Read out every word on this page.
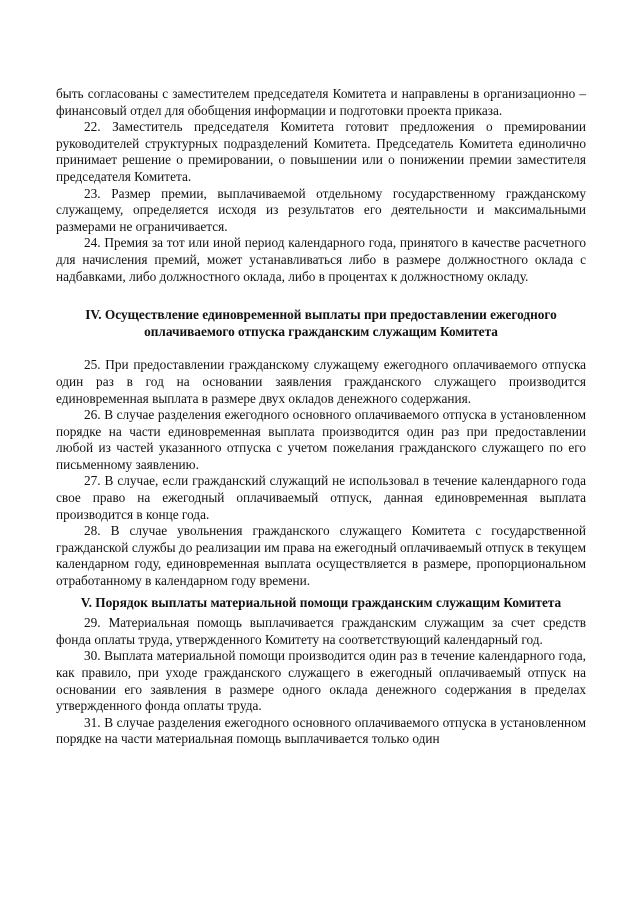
быть согласованы с заместителем председателя Комитета и направлены в организационно – финансовый отдел для обобщения информации и подготовки проекта приказа.

22. Заместитель председателя Комитета готовит предложения о премировании руководителей структурных подразделений Комитета. Председатель Комитета единолично принимает решение о премировании, о повышении или о понижении премии заместителя председателя Комитета.

23. Размер премии, выплачиваемой отдельному государственному гражданскому служащему, определяется исходя из результатов его деятельности и максимальными размерами не ограничивается.

24. Премия за тот или иной период календарного года, принятого в качестве расчетного для начисления премий, может устанавливаться либо в размере должностного оклада с надбавками, либо должностного оклада, либо в процентах к должностному окладу.

IV. Осуществление единовременной выплаты при предоставлении ежегодного оплачиваемого отпуска гражданским служащим Комитета

25. При предоставлении гражданскому служащему ежегодного оплачиваемого отпуска один раз в год на основании заявления гражданского служащего производится единовременная выплата в размере двух окладов денежного содержания.

26. В случае разделения ежегодного основного оплачиваемого отпуска в установленном порядке на части единовременная выплата производится один раз при предоставлении любой из частей указанного отпуска с учетом пожелания гражданского служащего по его письменному заявлению.

27. В случае, если гражданский служащий не использовал в течение календарного года свое право на ежегодный оплачиваемый отпуск, данная единовременная выплата производится в конце года.

28. В случае увольнения гражданского служащего Комитета с государственной гражданской службы до реализации им права на ежегодный оплачиваемый отпуск в текущем календарном году, единовременная выплата осуществляется в размере, пропорциональном отработанному в календарном году времени.

V. Порядок выплаты материальной помощи гражданским служащим Комитета

29. Материальная помощь выплачивается гражданским служащим за счет средств фонда оплаты труда, утвержденного Комитету на соответствующий календарный год.

30. Выплата материальной помощи производится один раз в течение календарного года, как правило, при уходе гражданского служащего в ежегодный оплачиваемый отпуск на основании его заявления в размере одного оклада денежного содержания в пределах утвержденного фонда оплаты труда.

31. В случае разделения ежегодного основного оплачиваемого отпуска в установленном порядке на части материальная помощь выплачивается только один
